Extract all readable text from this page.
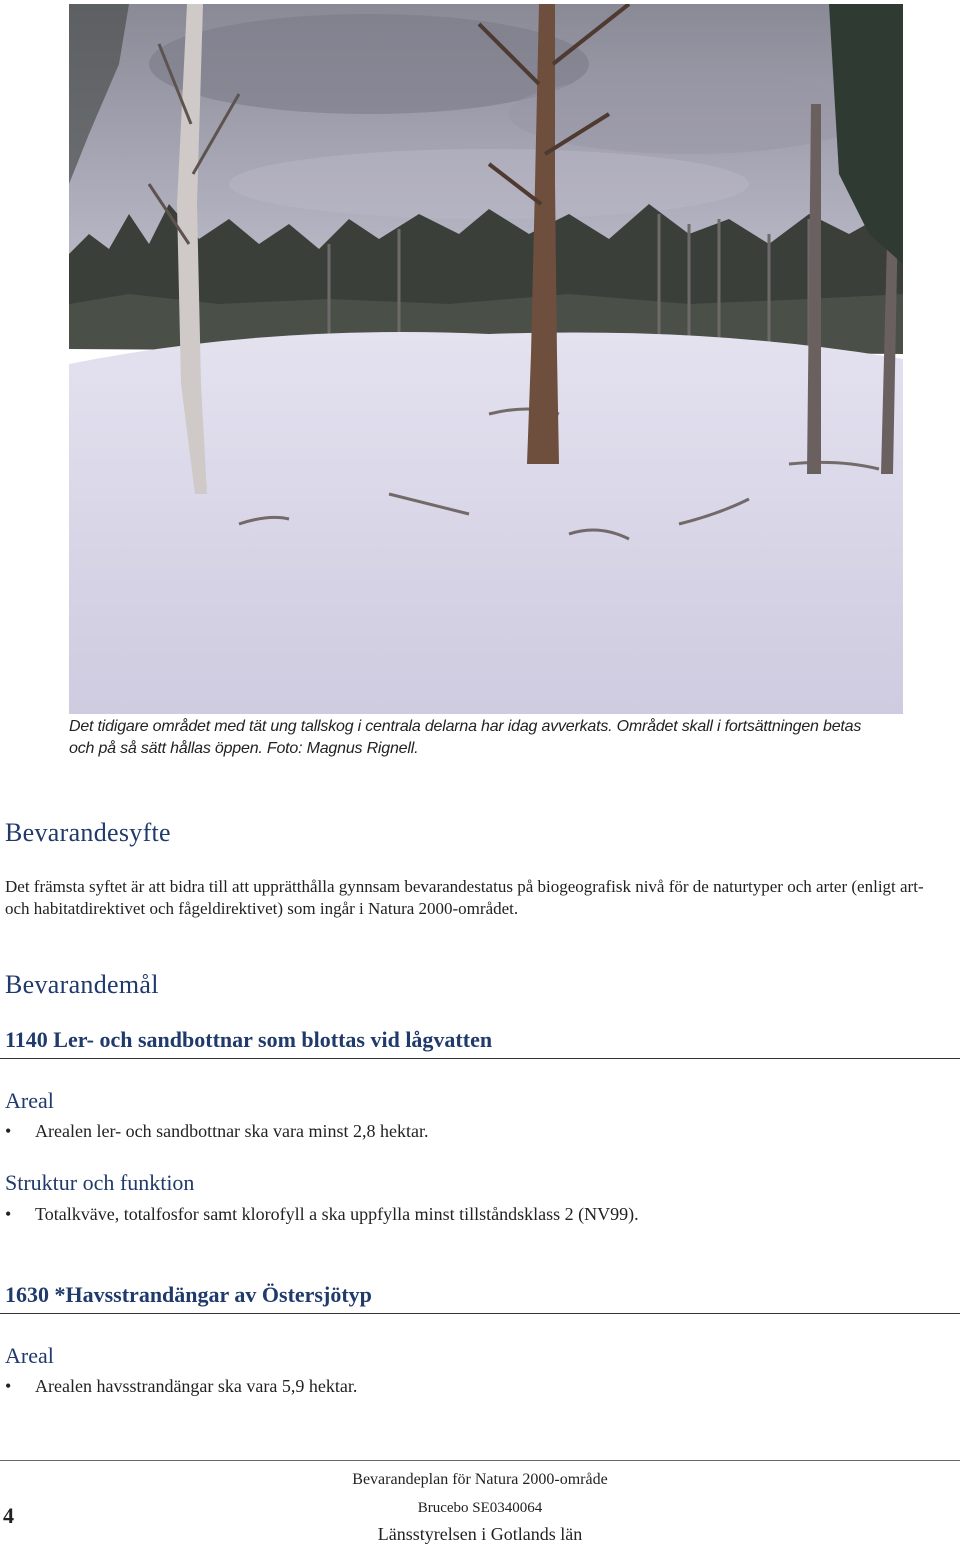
Det tidigare området med tät ung tallskog i centrala delarna har idag avverkats. Området skall i fortsättningen betas
och på så sätt hållas öppen. Foto: Magnus Rignell.
Bevarandesyfte

Det främsta syftet är att bidra till att upprätthålla gynnsam bevarandestatus på biogeografisk nivå för de naturtyper och arter (enligt art- och habitatdirektivet och fågeldirektivet) som ingår i Natura 2000-området.

Bevarandemål
1140 Ler- och sandbottnar som blottas vid lågvatten
Areal
• Arealen ler- och sandbottnar ska vara minst 2,8 hektar.
Struktur och funktion
• Totalkväve, totalfosfor samt klorofyll a ska uppfylla minst tillståndsklass 2 (NV99).
1630 *Havsstrandängar av Östersjötyp
Areal
• Arealen havsstrandängar ska vara 5,9 hektar.
4
Bevarandeplan för Natura 2000-område
Brucebo SE0340064
Länsstyrelsen i Gotlands län
